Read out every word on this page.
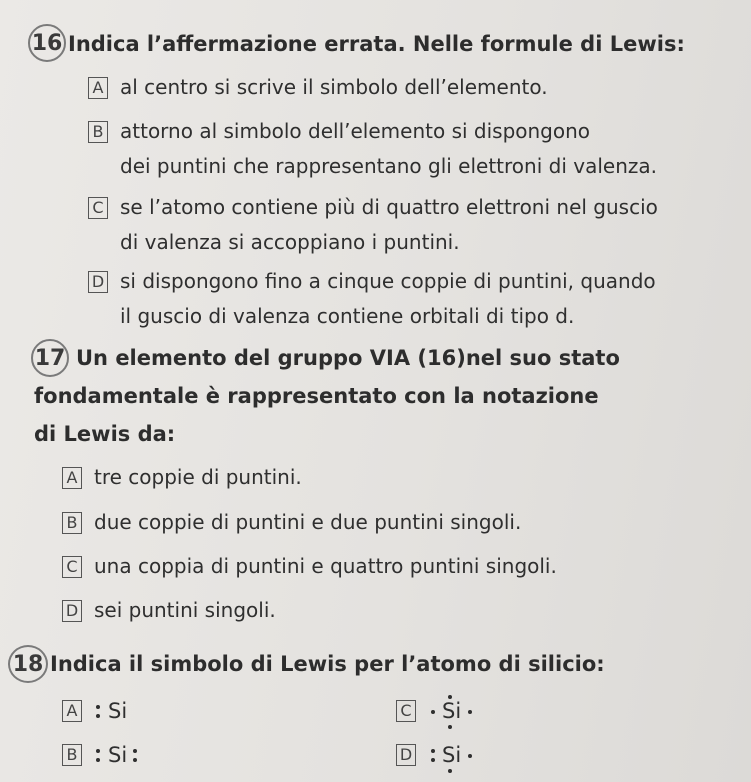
16 Indica l’affermazione errata. Nelle formule di Lewis:
A al centro si scrive il simbolo dell’elemento.
B attorno al simbolo dell’elemento si dispongono
dei puntini che rappresentano gli elettroni di valenza.
C se l’atomo contiene più di quattro elettroni nel guscio
di valenza si accoppiano i puntini.
D si dispongono fino a cinque coppie di puntini, quando
il guscio di valenza contiene orbitali di tipo d.
17 Un elemento del gruppo VIA (16)nel suo stato
fondamentale è rappresentato con la notazione
di Lewis da:
A tre coppie di puntini.
B due coppie di puntini e due puntini singoli.
C una coppia di puntini e quattro puntini singoli.
D sei puntini singoli.
18 Indica il simbolo di Lewis per l’atomo di silicio:
A	Si
B	Si
C	Si
D	Si
